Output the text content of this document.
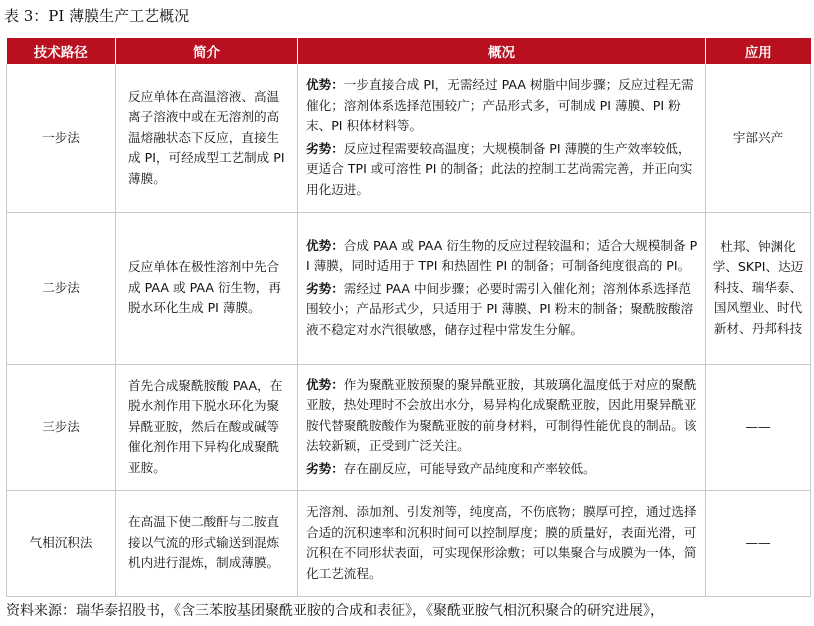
表 3：PI 薄膜生产工艺概况
技术路径	简介	概况	应用
一步法	反应单体在高温溶液、高温离子溶液中或在无溶剂的高温熔融状态下反应，直接生成 PI，可经成型工艺制成 PI 薄膜。	优势：一步直接合成 PI，无需经过 PAA 树脂中间步骤；反应过程无需催化；溶剂体系选择范围较广；产品形式多，可制成 PI 薄膜、PI 粉末、PI 积体材料等。
劣势：反应过程需要较高温度；大规模制备 PI 薄膜的生产效率较低，更适合 TPI 或可溶性 PI 的制备；此法的控制工艺尚需完善，并正向实用化迈进。	宇部兴产

二步法	反应单体在极性溶剂中先合成 PAA 或 PAA 衍生物，再脱水环化生成 PI 薄膜。	优势：合成 PAA 或 PAA 衍生物的反应过程较温和；适合大规模制备 PI 薄膜，同时适用于 TPI 和热固性 PI 的制备；可制备纯度很高的 PI。
劣势：需经过 PAA 中间步骤；必要时需引入催化剂；溶剂体系选择范围较小；产品形式少，只适用于 PI 薄膜、PI 粉末的制备；聚酰胺酸溶液不稳定对水汽很敏感，储存过程中常发生分解。	杜邦、钟渊化学、SKPI、达迈科技、瑞华泰、国风塑业、时代新材、丹邦科技

三步法	首先合成聚酰胺酸 PAA，在脱水剂作用下脱水环化为聚异酰亚胺，然后在酸或碱等催化剂作用下异构化成聚酰亚胺。	优势：作为聚酰亚胺预聚的聚异酰亚胺，其玻璃化温度低于对应的聚酰亚胺，热处理时不会放出水分，易异构化成聚酰亚胺，因此用聚异酰亚胺代替聚酰胺酸作为聚酰亚胺的前身材料，可制得性能优良的制品。该法较新颖，正受到广泛关注。
劣势：存在副反应，可能导致产品纯度和产率较低。	——

气相沉积法	在高温下使二酸酐与二胺直接以气流的形式输送到混炼机内进行混炼，制成薄膜。	无溶剂、添加剂、引发剂等，纯度高，不伤底物；膜厚可控，通过选择合适的沉积速率和沉积时间可以控制厚度；膜的质量好，表面光滑，可沉积在不同形状表面，可实现保形涂敷；可以集聚合与成膜为一体，简化工艺流程。	——
资料来源：瑞华泰招股书，《含三苯胺基团聚酰亚胺的合成和表征》，《聚酰亚胺气相沉积聚合的研究进展》，
